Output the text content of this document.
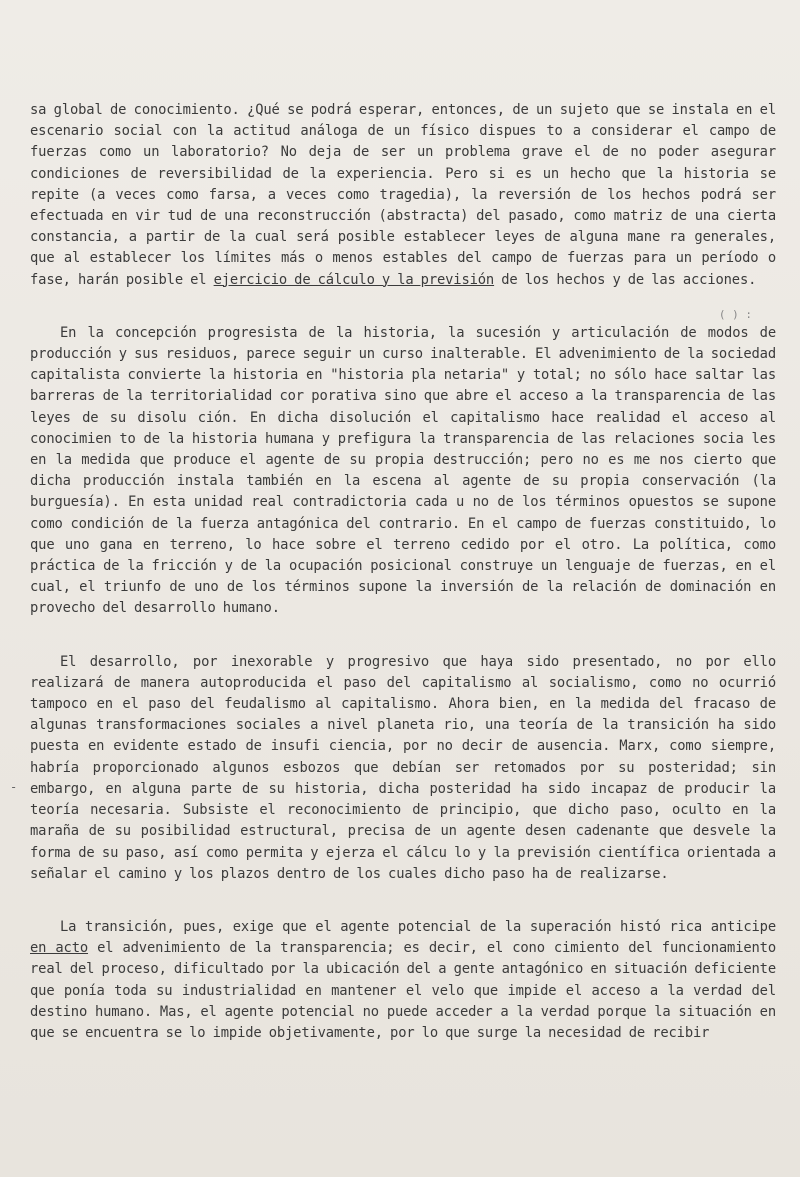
( ) :
-

sa global de conocimiento. ¿Qué se podrá esperar, entonces, de un sujeto que se instala en el escenario social con la actitud análoga de un físico dispues to a considerar el campo de fuerzas como un laboratorio? No deja de ser un problema grave el de no poder asegurar condiciones de reversibilidad de la experiencia. Pero si es un hecho que la historia se repite (a veces como farsa, a veces como tragedia), la reversión de los hechos podrá ser efectuada en vir tud de una reconstrucción (abstracta) del pasado, como matriz de una cierta constancia, a partir de la cual será posible establecer leyes de alguna mane ra generales, que al establecer los límites más o menos estables del campo de fuerzas para un período o fase, harán posible el ejercicio de cálculo y la previsión de los hechos y de las acciones.

En la concepción progresista de la historia, la sucesión y articulación de modos de producción y sus residuos, parece seguir un curso inalterable. El advenimiento de la sociedad capitalista convierte la historia en "historia pla netaria" y total; no sólo hace saltar las barreras de la territorialidad cor porativa sino que abre el acceso a la transparencia de las leyes de su disolu ción. En dicha disolución el capitalismo hace realidad el acceso al conocimien to de la historia humana y prefigura la transparencia de las relaciones socia les en la medida que produce el agente de su propia destrucción; pero no es me nos cierto que dicha producción instala también en la escena al agente de su propia conservación (la burguesía). En esta unidad real contradictoria cada u no de los términos opuestos se supone como condición de la fuerza antagónica del contrario. En el campo de fuerzas constituido, lo que uno gana en terreno, lo hace sobre el terreno cedido por el otro. La política, como práctica de la fricción y de la ocupación posicional construye un lenguaje de fuerzas, en el cual, el triunfo de uno de los términos supone la inversión de la relación de dominación en provecho del desarrollo humano.

El desarrollo, por inexorable y progresivo que haya sido presentado, no por ello realizará de manera autoproducida el paso del capitalismo al socialismo, como no ocurrió tampoco en el paso del feudalismo al capitalismo. Ahora bien, en la medida del fracaso de algunas transformaciones sociales a nivel planeta rio, una teoría de la transición ha sido puesta en evidente estado de insufi ciencia, por no decir de ausencia. Marx, como siempre, habría proporcionado algunos esbozos que debían ser retomados por su posteridad; sin embargo, en alguna parte de su historia, dicha posteridad ha sido incapaz de producir la teoría necesaria. Subsiste el reconocimiento de principio, que dicho paso, oculto en la maraña de su posibilidad estructural, precisa de un agente desen cadenante que desvele la forma de su paso, así como permita y ejerza el cálcu lo y la previsión científica orientada a señalar el camino y los plazos dentro de los cuales dicho paso ha de realizarse.

La transición, pues, exige que el agente potencial de la superación histó rica anticipe en acto el advenimiento de la transparencia; es decir, el cono cimiento del funcionamiento real del proceso, dificultado por la ubicación del a gente antagónico en situación deficiente que ponía toda su industrialidad en mantener el velo que impide el acceso a la verdad del destino humano. Mas, el agente potencial no puede acceder a la verdad porque la situación en que se encuentra se lo impide objetivamente, por lo que surge la necesidad de recibir
